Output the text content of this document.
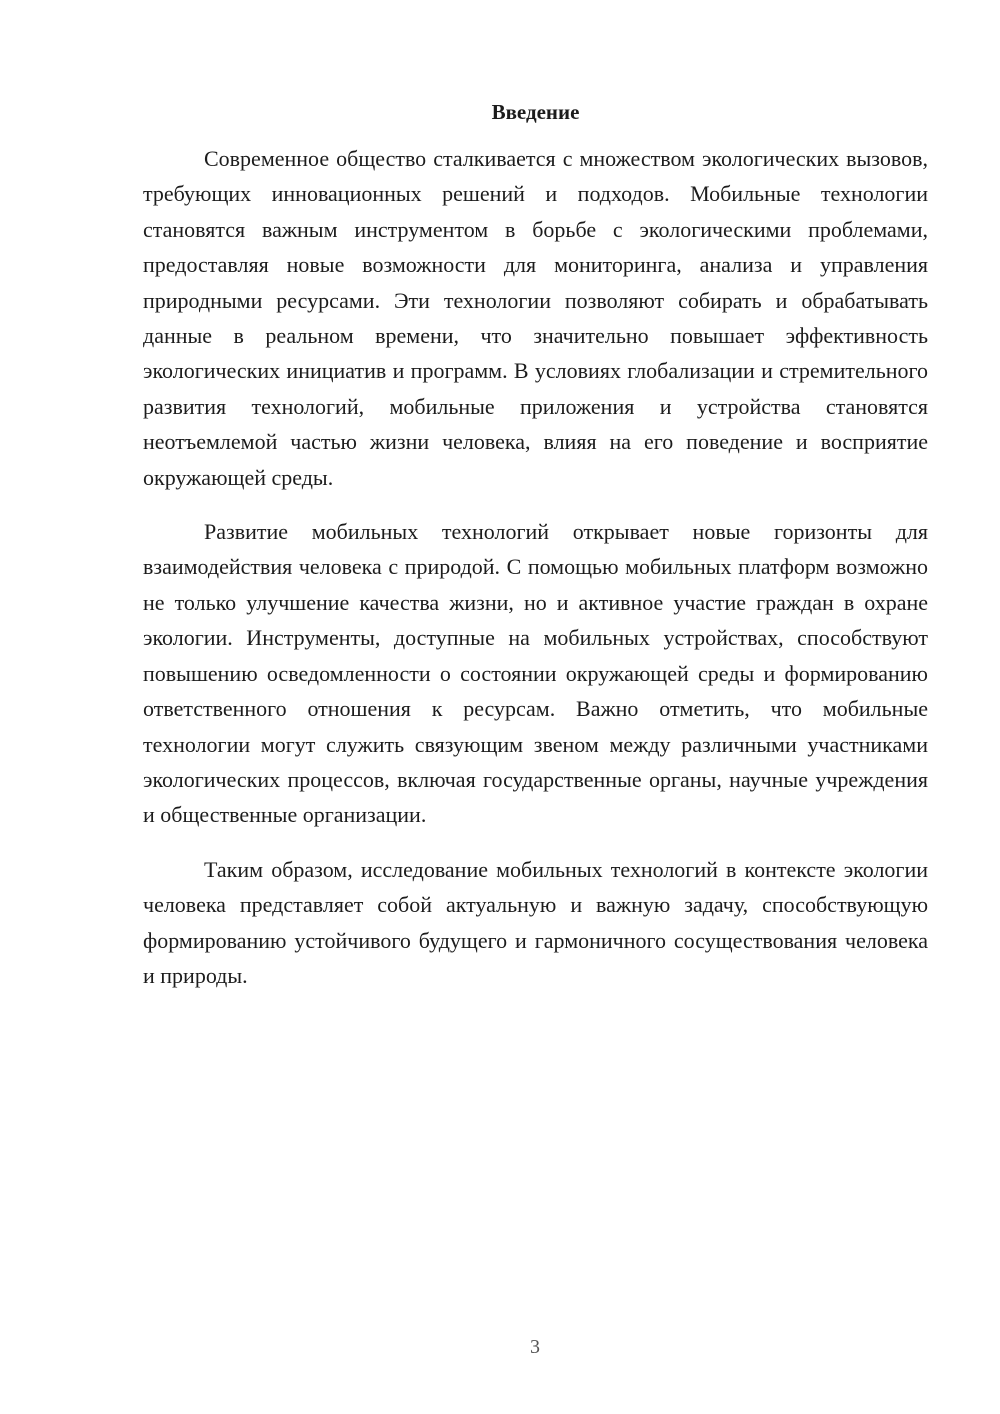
Введение

Современное общество сталкивается с множеством экологических вызовов, требующих инновационных решений и подходов. Мобильные технологии становятся важным инструментом в борьбе с экологическими проблемами, предоставляя новые возможности для мониторинга, анализа и управления природными ресурсами. Эти технологии позволяют собирать и обрабатывать данные в реальном времени, что значительно повышает эффективность экологических инициатив и программ. В условиях глобализации и стремительного развития технологий, мобильные приложения и устройства становятся неотъемлемой частью жизни человека, влияя на его поведение и восприятие окружающей среды.

Развитие мобильных технологий открывает новые горизонты для взаимодействия человека с природой. С помощью мобильных платформ возможно не только улучшение качества жизни, но и активное участие граждан в охране экологии. Инструменты, доступные на мобильных устройствах, способствуют повышению осведомленности о состоянии окружающей среды и формированию ответственного отношения к ресурсам. Важно отметить, что мобильные технологии могут служить связующим звеном между различными участниками экологических процессов, включая государственные органы, научные учреждения и общественные организации.

Таким образом, исследование мобильных технологий в контексте экологии человека представляет собой актуальную и важную задачу, способствующую формированию устойчивого будущего и гармоничного сосуществования человека и природы.

3
